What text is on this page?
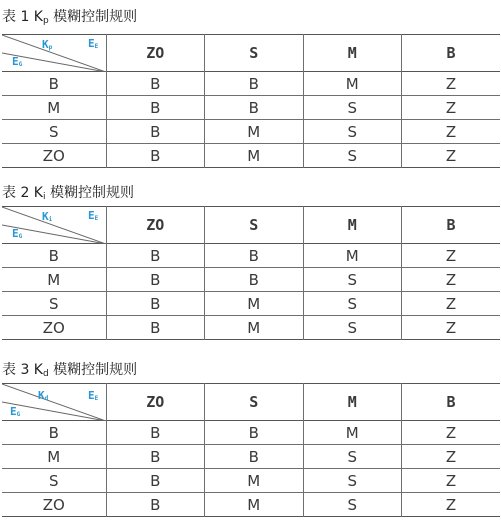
表 1 $K_p$ 模糊控制规则
$K_p$ $E_E$
$E_G$	ZO	S	M	B
B	B	B	M	Z
M	B	B	S	Z
S	B	M	S	Z
ZO	B	M	S	Z
表 2 $K_i$ 模糊控制规则
$K_i$ $E_E$
$E_G$	ZO	S	M	B
B	B	B	M	Z
M	B	B	S	Z
S	B	M	S	Z
ZO	B	M	S	Z
表 3 $K_d$ 模糊控制规则
$K_d$ $E_E$
$E_G$	ZO	S	M	B
B	B	B	M	Z
M	B	B	S	Z
S	B	M	S	Z
ZO	B	M	S	Z
